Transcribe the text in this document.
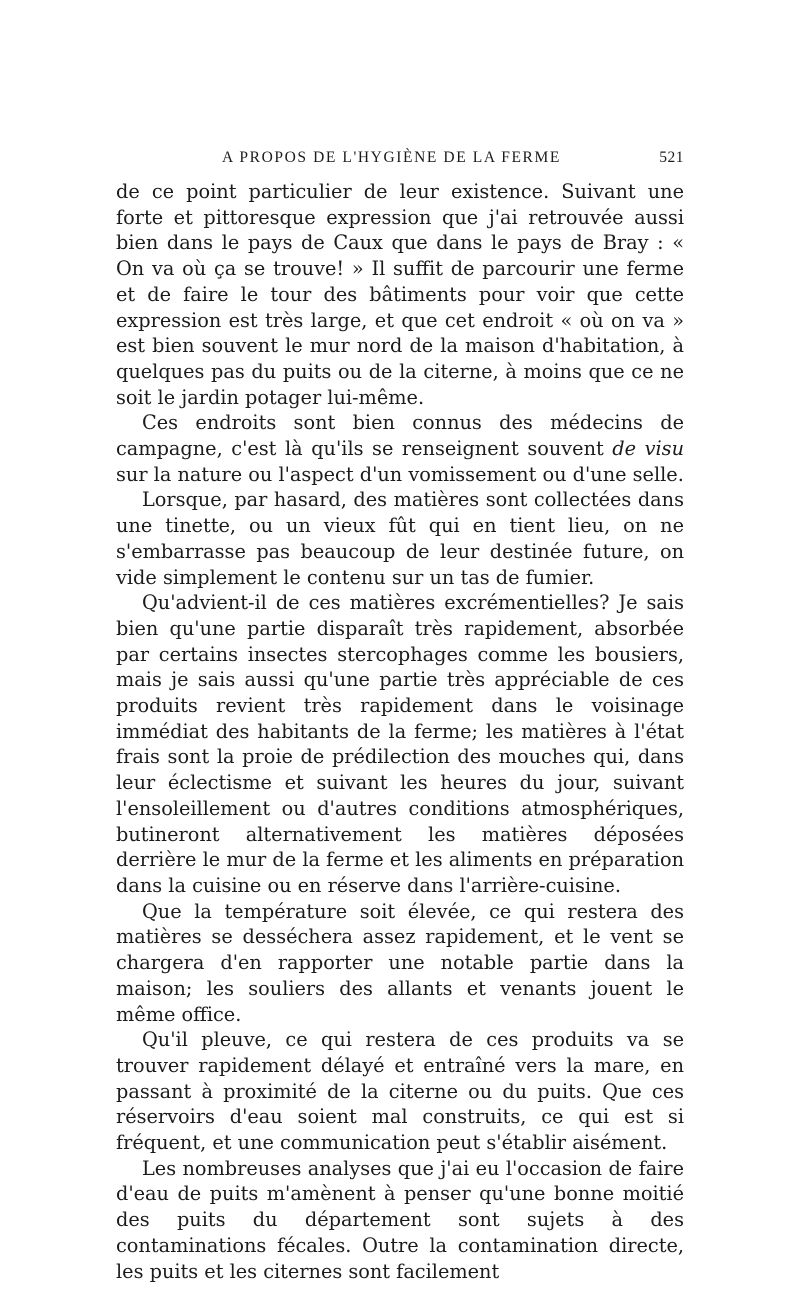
A PROPOS DE L'HYGIÈNE DE LA FERME	521

de ce point particulier de leur existence. Suivant une forte et pittoresque expression que j'ai retrouvée aussi bien dans le pays de Caux que dans le pays de Bray : « On va où ça se trouve! » Il suffit de parcourir une ferme et de faire le tour des bâtiments pour voir que cette expression est très large, et que cet endroit « où on va » est bien souvent le mur nord de la maison d'habitation, à quelques pas du puits ou de la citerne, à moins que ce ne soit le jardin potager lui-même.

Ces endroits sont bien connus des médecins de campagne, c'est là qu'ils se renseignent souvent de visu sur la nature ou l'aspect d'un vomissement ou d'une selle.

Lorsque, par hasard, des matières sont collectées dans une tinette, ou un vieux fût qui en tient lieu, on ne s'embarrasse pas beaucoup de leur destinée future, on vide simplement le contenu sur un tas de fumier.

Qu'advient-il de ces matières excrémentielles? Je sais bien qu'une partie disparaît très rapidement, absorbée par certains insectes stercophages comme les bousiers, mais je sais aussi qu'une partie très appréciable de ces produits revient très rapidement dans le voisinage immédiat des habitants de la ferme; les matières à l'état frais sont la proie de prédilection des mouches qui, dans leur éclectisme et suivant les heures du jour, suivant l'ensoleillement ou d'autres conditions atmosphériques, butineront alternativement les matières déposées derrière le mur de la ferme et les aliments en préparation dans la cuisine ou en réserve dans l'arrière-cuisine.

Que la température soit élevée, ce qui restera des matières se desséchera assez rapidement, et le vent se chargera d'en rapporter une notable partie dans la maison; les souliers des allants et venants jouent le même office.

Qu'il pleuve, ce qui restera de ces produits va se trouver rapidement délayé et entraîné vers la mare, en passant à proximité de la citerne ou du puits. Que ces réservoirs d'eau soient mal construits, ce qui est si fréquent, et une communication peut s'établir aisément.

Les nombreuses analyses que j'ai eu l'occasion de faire d'eau de puits m'amènent à penser qu'une bonne moitié des puits du département sont sujets à des contaminations fécales. Outre la contamination directe, les puits et les citernes sont facilement
